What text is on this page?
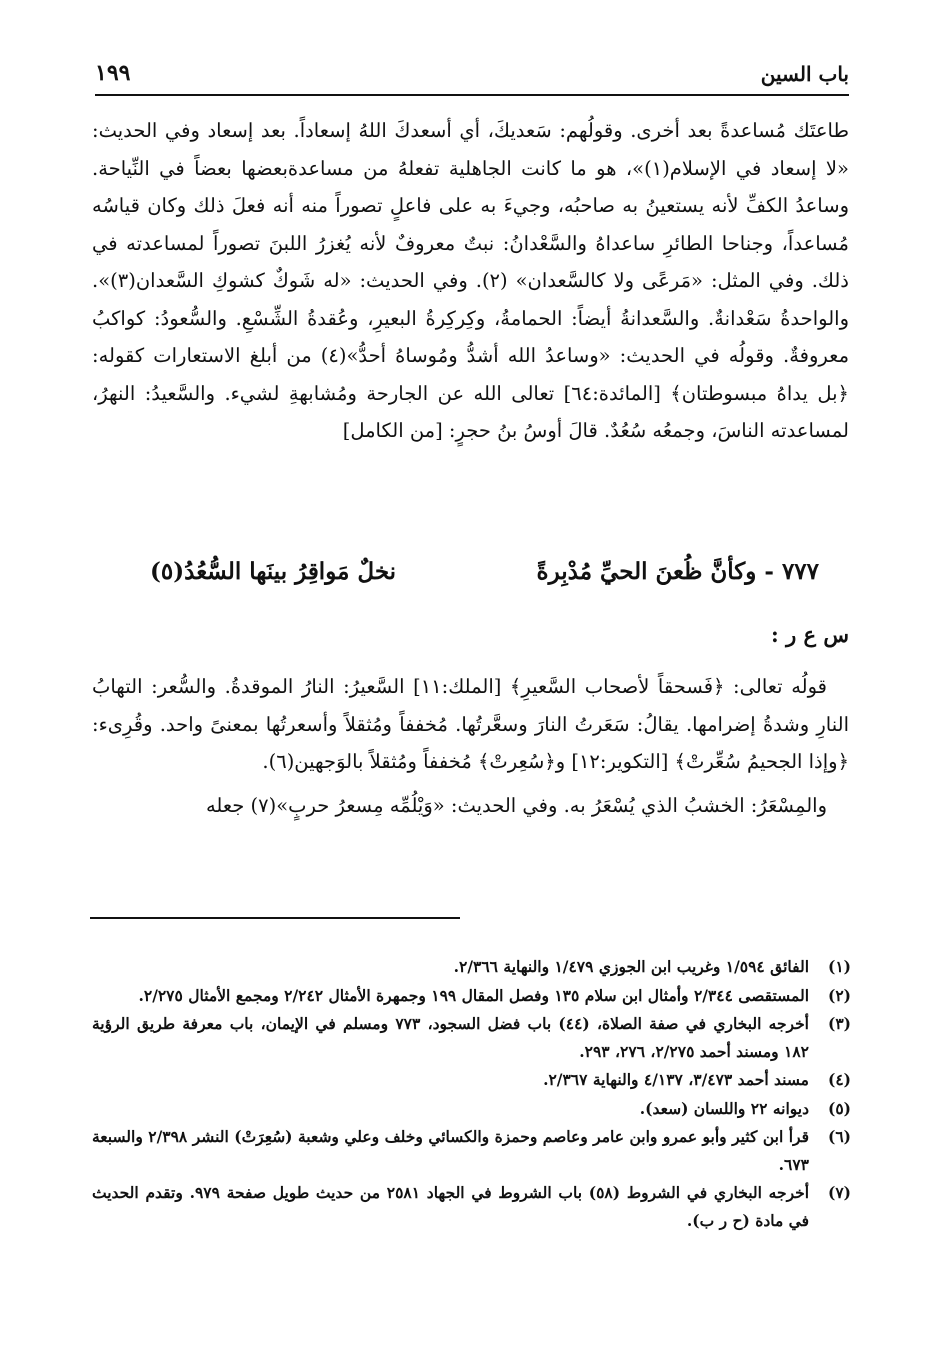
باب السين
١٩٩

طاعتَك مُساعدةً بعد أخرى. وقولُهم: سَعديكَ، أي أسعدكَ اللهُ إسعاداً. بعد إسعاد وفي الحديث: «لا إسعاد في الإسلام(١)»، هو ما كانت الجاهلية تفعلهُ من مساعدةبعضها بعضاً في النِّياحة. وساعدُ الكفِّ لأنه يستعينُ به صاحبُه، وجيءَ به على فاعلٍ تصوراً منه أنه فعلَ ذلك وكان قياسُه مُساعداً، وجناحا الطائرِ ساعداهُ والسَّعْدانُ: نبتٌ معروفٌ لأنه يُغزرُ اللبنَ تصوراً لمساعدته في ذلك. وفي المثل: «مَرعًى ولا كالسَّعدان» (٢). وفي الحديث: «له شَوكٌ كشوكِ السَّعدان(٣)». والواحدةُ سَعْدانةٌ. والسَّعدانةُ أيضاً: الحمامةُ، وكِركِرةُ البعيرِ، وعُقدةُ الشِّسْعِ. والسُّعودُ: كواكبُ معروفةٌ. وقولُه في الحديث: «وساعدُ الله أشدُّ ومُوساهُ أحدُّ»(٤) من أبلغ الاستعارات كقوله: ﴿بل يداهُ مبسوطتان﴾ [المائدة:٦٤] تعالى الله عن الجارحة ومُشابهةِ لشيء. والسَّعيدُ: النهرُ، لمساعدته الناسَ، وجمعُه سُعُدٌ. قالَ أوسُ بنُ حجرٍ: [من الكامل]

٧٧٧ - وكأنَّ ظُعنَ الحيِّ مُدْبِرةً
نخلٌ مَواقِرُ بينَها السُّعُدُ(٥)
س ع ر :

قولُه تعالى: ﴿فَسحقاً لأصحاب السَّعيرِ﴾ [الملك:١١] السَّعيرُ: النارُ الموقدةُ. والسُّعر: التهابُ النارِ وشدةُ إضرامها. يقالُ: سَعَرتُ النارَ وسعَّرتُها. مُخففاً ومُثقلاً وأسعرتُها بمعنىً واحد. وقُرِىء: ﴿وإذا الجحيمُ سُعِّرتْ﴾ [التكوير:١٢] و﴿سُعِرتْ﴾ مُخففاً ومُثقلاً بالوَجهين(٦).

والمِسْعَرُ: الخشبُ الذي يُسْعَرُ به. وفي الحديث: «وَيْلُمِّه مِسعرُ حربٍ»(٧) جعله

(١)
الفائق ١/٥٩٤ وغريب ابن الجوزي ١/٤٧٩ والنهاية ٢/٣٦٦.
(٢)
المستقصى ٢/٣٤٤ وأمثال ابن سلام ١٣٥ وفصل المقال ١٩٩ وجمهرة الأمثال ٢/٢٤٢ ومجمع الأمثال ٢/٢٧٥.
(٣)
أخرجه البخاري في صفة الصلاة، (٤٤) باب فضل السجود، ٧٧٣ ومسلم في الإيمان، باب معرفة طريق الرؤية ١٨٢ ومسند أحمد ٢/٢٧٥، ٢٧٦، ٢٩٣.
(٤)
مسند أحمد ٣/٤٧٣، ٤/١٣٧ والنهاية ٢/٣٦٧.
(٥)
ديوانه ٢٢ واللسان (سعد).
(٦)
قرأ ابن كثير وأبو عمرو وابن عامر وعاصم وحمزة والكسائي وخلف وعلي وشعبة (سُعِرَتْ) النشر ٢/٣٩٨ والسبعة ٦٧٣.
(٧)
أخرجه البخاري في الشروط (٥٨) باب الشروط في الجهاد ٢٥٨١ من حديث طويل صفحة ٩٧٩. وتقدم الحديث في مادة (ح ر ب).
